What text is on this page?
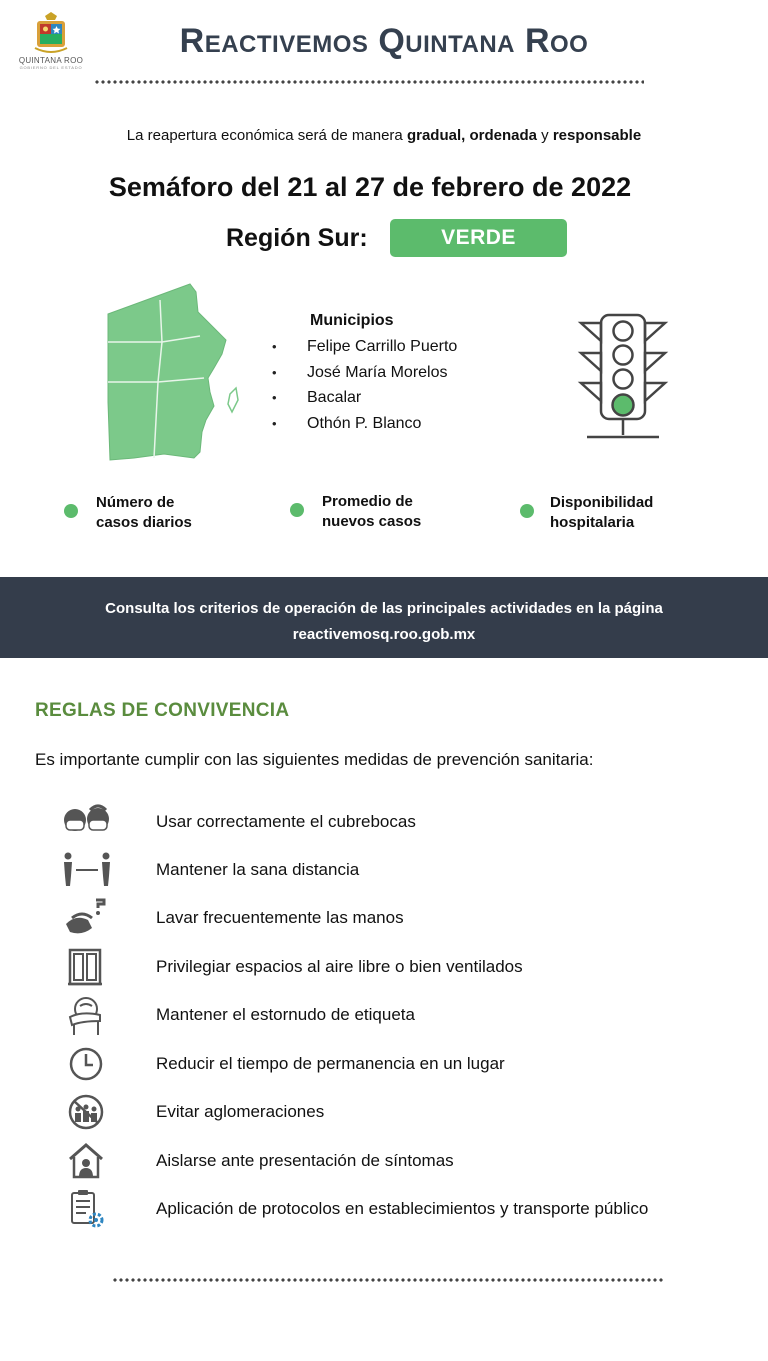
QUINTANA ROO
GOBIERNO DEL ESTADO
Reactivemos Quintana Roo
La reapertura económica será de manera gradual, ordenada y responsable
Semáforo del 21 al 27 de febrero de 2022
Región Sur:	VERDE
Municipios
• Felipe Carrillo Puerto
• José María Morelos
• Bacalar
• Othón P. Blanco
Número de
casos diarios
Promedio de
nuevos casos
Disponibilidad
hospitalaria
Consulta los criterios de operación de las principales actividades en la página
reactivemosq.roo.gob.mx
REGLAS DE CONVIVENCIA
Es importante cumplir con las siguientes medidas de prevención sanitaria:
Usar correctamente el cubrebocas
Mantener la sana distancia
Lavar frecuentemente las manos
Privilegiar espacios al aire libre o bien ventilados
Mantener el estornudo de etiqueta
Reducir el tiempo de permanencia en un lugar
Evitar aglomeraciones
Aislarse ante presentación de síntomas
Aplicación de protocolos en establecimientos y transporte público
